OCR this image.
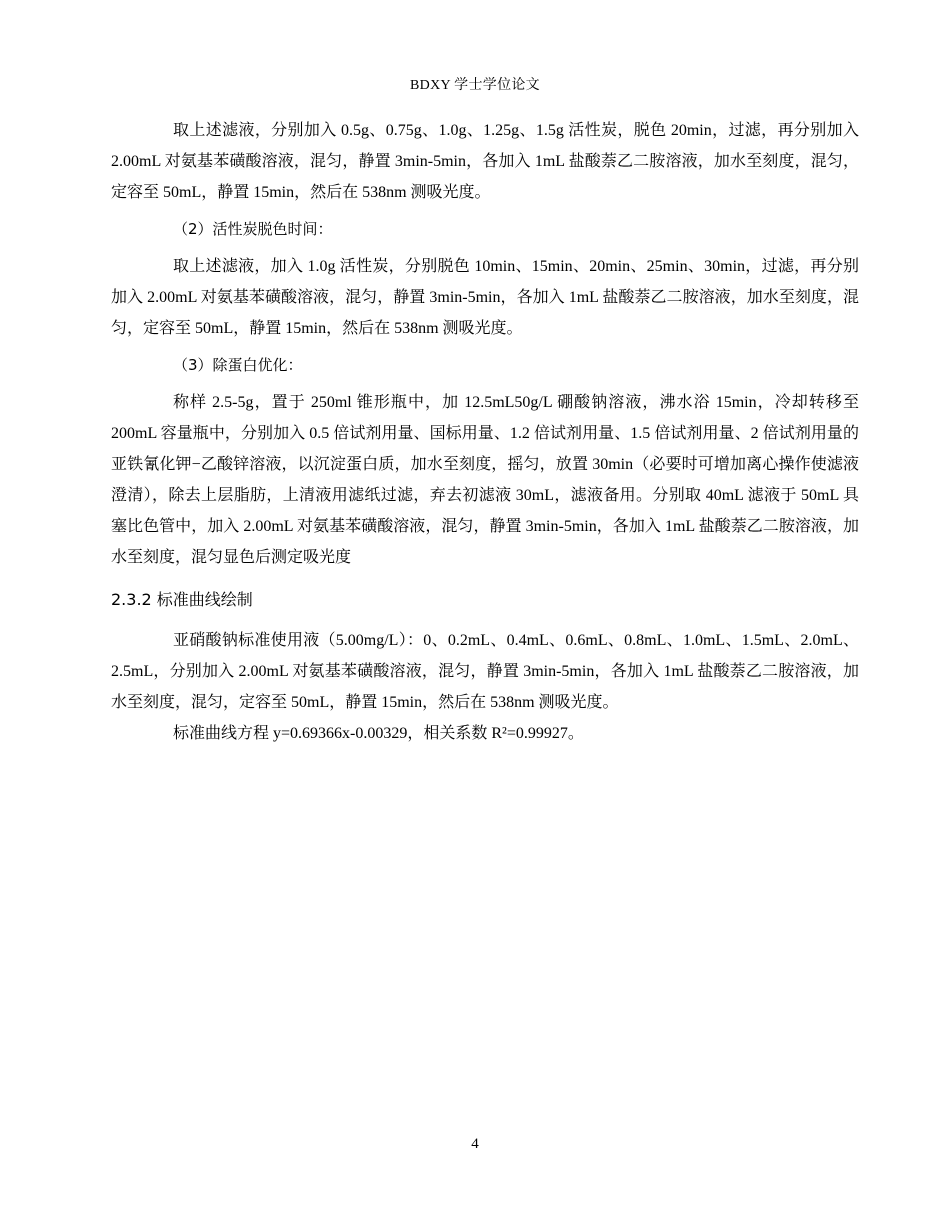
BDXY 学士学位论文

取上述滤液，分别加入 0.5g、0.75g、1.0g、1.25g、1.5g 活性炭，脱色 20min，过滤，再分别加入 2.00mL 对氨基苯磺酸溶液，混匀，静置 3min-5min，各加入 1mL 盐酸萘乙二胺溶液，加水至刻度，混匀，定容至 50mL，静置 15min，然后在 538nm 测吸光度。

（2）活性炭脱色时间：

取上述滤液，加入 1.0g 活性炭，分别脱色 10min、15min、20min、25min、30min，过滤，再分别加入 2.00mL 对氨基苯磺酸溶液，混匀，静置 3min-5min，各加入 1mL 盐酸萘乙二胺溶液，加水至刻度，混匀，定容至 50mL，静置 15min，然后在 538nm 测吸光度。

（3）除蛋白优化：

称样 2.5-5g，置于 250ml 锥形瓶中，加 12.5mL50g/L 硼酸钠溶液，沸水浴 15min，冷却转移至 200mL 容量瓶中，分别加入 0.5 倍试剂用量、国标用量、1.2 倍试剂用量、1.5 倍试剂用量、2 倍试剂用量的亚铁氰化钾−乙酸锌溶液，以沉淀蛋白质，加水至刻度，摇匀，放置 30min（必要时可增加离心操作使滤液澄清），除去上层脂肪，上清液用滤纸过滤，弃去初滤液 30mL，滤液备用。分别取 40mL 滤液于 50mL 具塞比色管中，加入 2.00mL 对氨基苯磺酸溶液，混匀，静置 3min-5min，各加入 1mL 盐酸萘乙二胺溶液，加水至刻度，混匀显色后测定吸光度

2.3.2 标准曲线绘制

亚硝酸钠标准使用液（5.00mg/L）：0、0.2mL、0.4mL、0.6mL、0.8mL、1.0mL、1.5mL、2.0mL、2.5mL，分别加入 2.00mL 对氨基苯磺酸溶液，混匀，静置 3min-5min，各加入 1mL 盐酸萘乙二胺溶液，加水至刻度，混匀，定容至 50mL，静置 15min，然后在 538nm 测吸光度。

标准曲线方程 y=0.69366x-0.00329，相关系数 R²=0.99927。

4
